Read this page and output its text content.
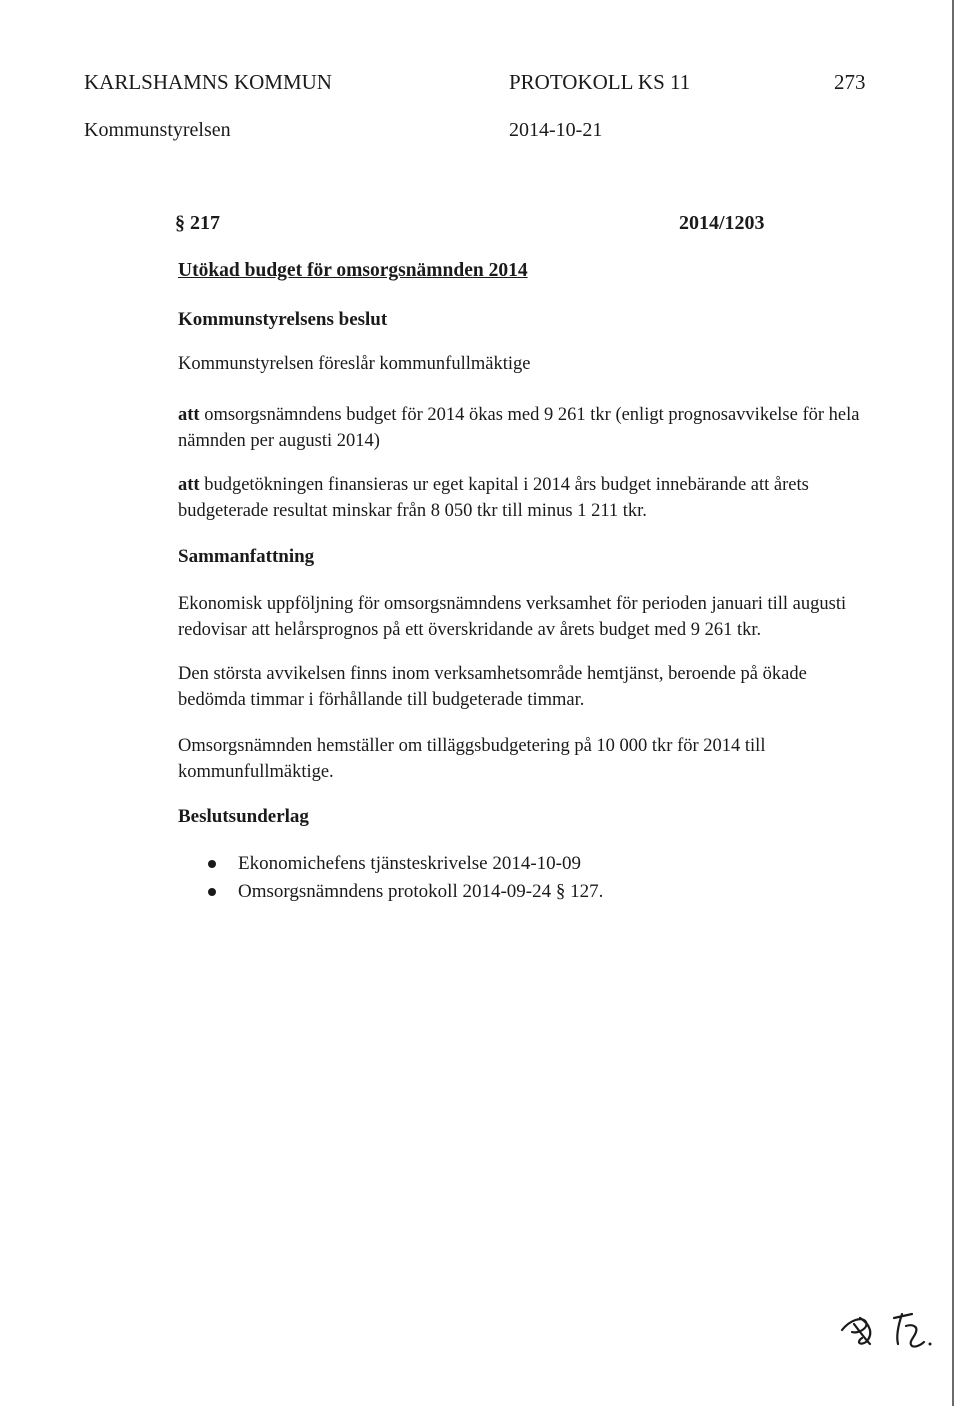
KARLSHAMNS KOMMUN	PROTOKOLL KS 11	273
Kommunstyrelsen	2014-10-21
§ 217	2014/1203
Utökad budget för omsorgsnämnden 2014
Kommunstyrelsens beslut
Kommunstyrelsen föreslår kommunfullmäktige

att omsorgsnämndens budget för 2014 ökas med 9 261 tkr (enligt prognosavvikelse för hela nämnden per augusti 2014)

att budgetökningen finansieras ur eget kapital i 2014 års budget innebärande att årets budgeterade resultat minskar från 8 050 tkr till minus 1 211 tkr.

Sammanfattning

Ekonomisk uppföljning för omsorgsnämndens verksamhet för perioden januari till augusti redovisar att helårsprognos på ett överskridande av årets budget med 9 261 tkr.

Den största avvikelsen finns inom verksamhetsområde hemtjänst, beroende på ökade bedömda timmar i förhållande till budgeterade timmar.

Omsorgsnämnden hemställer om tilläggsbudgetering på 10 000 tkr för 2014 till kommunfullmäktige.

Beslutsunderlag
Ekonomichefens tjänsteskrivelse 2014-10-09
Omsorgsnämndens protokoll 2014-09-24 § 127.
